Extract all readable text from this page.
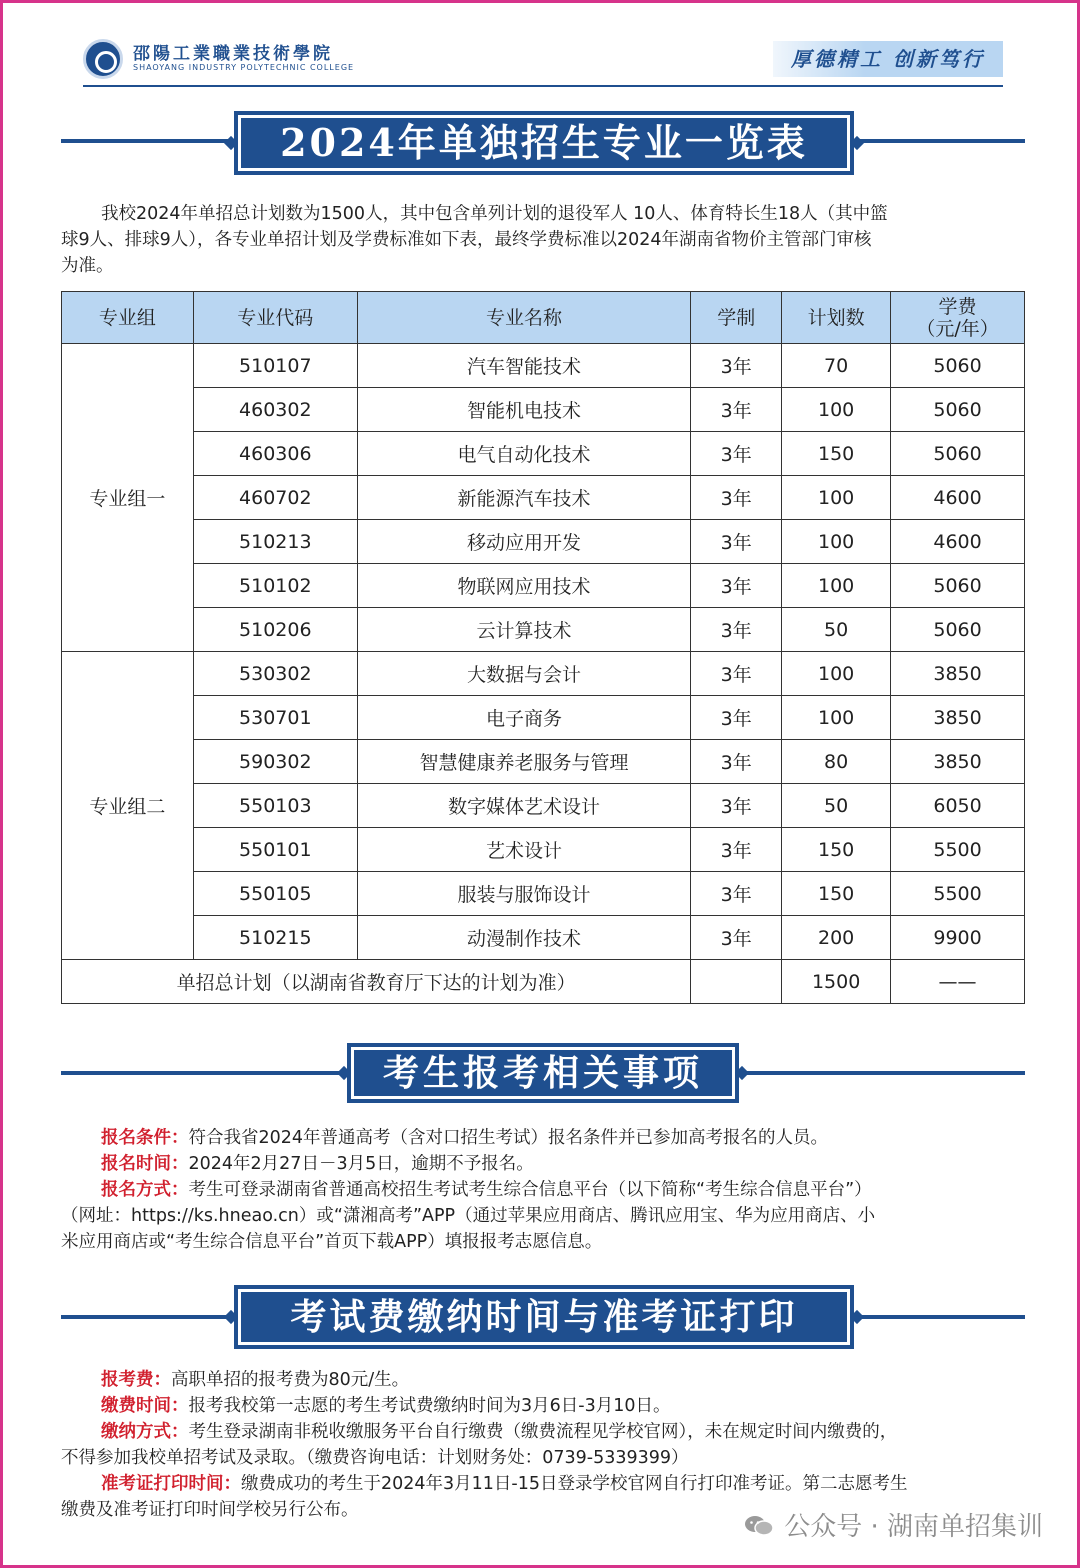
邵陽工業職業技術學院
SHAOYANG INDUSTRY POLYTECHNIC COLLEGE	厚德精工 创新笃行
2024年单独招生专业一览表
我校2024年单招总计划数为1500人，其中包含单列计划的退役军人 10人、体育特长生18人（其中篮
球9人、排球9人），各专业单招计划及学费标准如下表，最终学费标准以2024年湖南省物价主管部门审核
为准。
专业组	专业代码	专业名称	学制	计划数	学费
（元/年）

专业组一	510107	汽车智能技术	3年	70	5060
	460302	智能机电技术	3年	100	5060
	460306	电气自动化技术	3年	150	5060
	460702	新能源汽车技术	3年	100	4600
	510213	移动应用开发	3年	100	4600
	510102	物联网应用技术	3年	100	5060
	510206	云计算技术	3年	50	5060
专业组二	530302	大数据与会计	3年	100	3850
	530701	电子商务	3年	100	3850
	590302	智慧健康养老服务与管理	3年	80	3850
	550103	数字媒体艺术设计	3年	50	6050
	550101	艺术设计	3年	150	5500
	550105	服装与服饰设计	3年	150	5500
	510215	动漫制作技术	3年	200	9900
单招总计划（以湖南省教育厅下达的计划为准）				1500	——
考生报考相关事项
报名条件：符合我省2024年普通高考（含对口招生考试）报名条件并已参加高考报名的人员。
报名时间：2024年2月27日－3月5日，逾期不予报名。
报名方式：考生可登录湖南省普通高校招生考试考生综合信息平台（以下简称“考生综合信息平台”）
（网址：https://ks.hneao.cn）或“潇湘高考”APP（通过苹果应用商店、腾讯应用宝、华为应用商店、小
米应用商店或“考生综合信息平台”首页下载APP）填报报考志愿信息。
考试费缴纳时间与准考证打印
报考费：高职单招的报考费为80元/生。
缴费时间：报考我校第一志愿的考生考试费缴纳时间为3月6日-3月10日。
缴纳方式：考生登录湖南非税收缴服务平台自行缴费（缴费流程见学校官网），未在规定时间内缴费的，
不得参加我校单招考试及录取。（缴费咨询电话：计划财务处：0739-5339399）
准考证打印时间：缴费成功的考生于2024年3月11日-15日登录学校官网自行打印准考证。第二志愿考生
缴费及准考证打印时间学校另行公布。
公众号 · 湖南单招集训
